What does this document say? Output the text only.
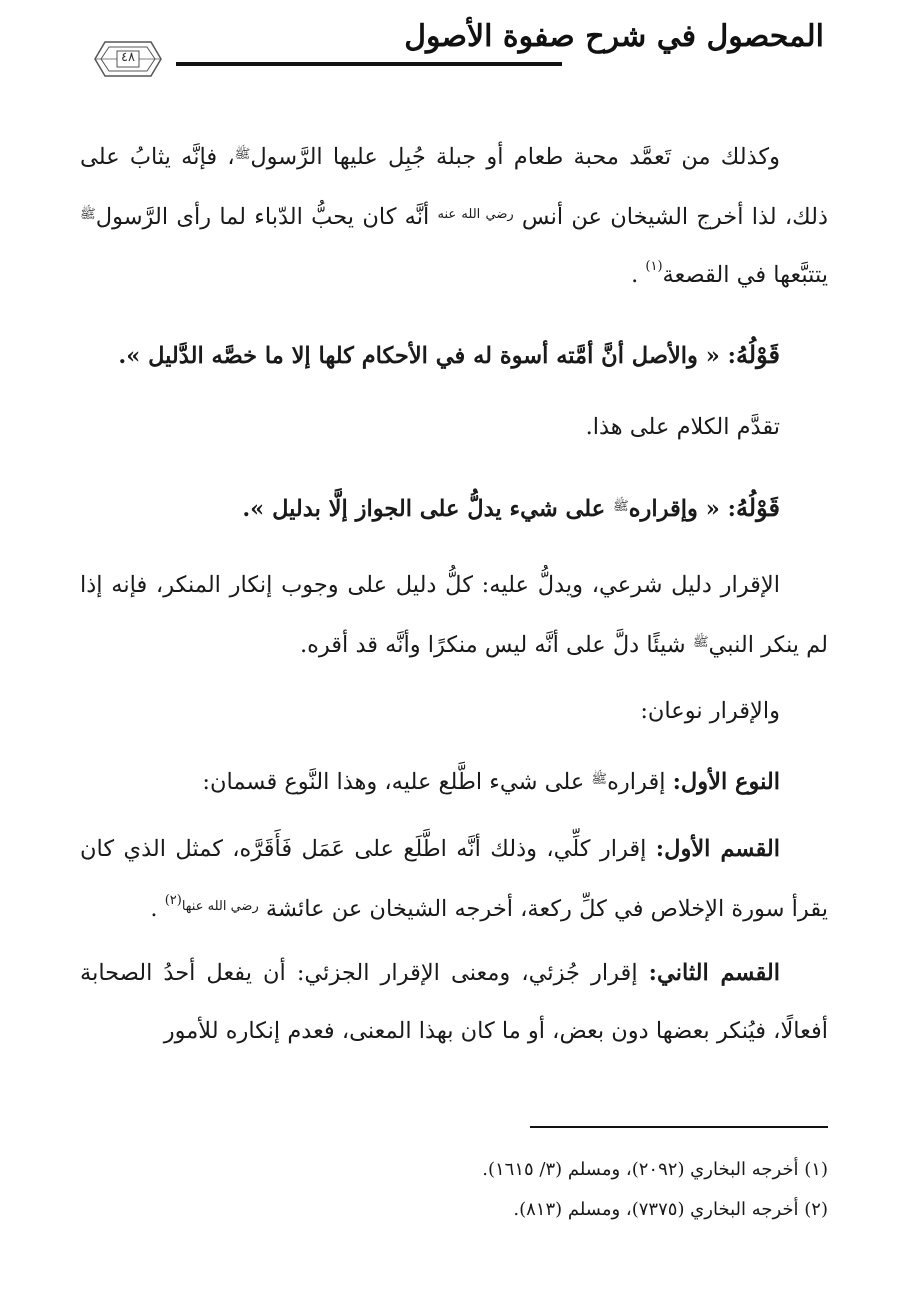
المحصول في شرح صفوة الأصول
٤٨

وكذلك من تَعمَّد محبة طعام أو جبلة جُبِل عليها الرَّسول$^ﷺ$، فإنَّه يثابُ على ذلك، لذا أخرج الشيخان عن أنس $^{رضي الله عنه}$ أنَّه كان يحبُّ الدّباء لما رأى الرَّسول$^ﷺ$ يتتبَّعها في القصعة$^{(١)}$ .

قَوْلُهُ: « والأصل أنَّ أمَّته أسوة له في الأحكام كلها إلا ما خصَّه الدَّليل ».

تقدَّم الكلام على هذا.

قَوْلُهُ: « وإقراره$^ﷺ$ على شيء يدلُّ على الجواز إلَّا بدليل ».

الإقرار دليل شرعي، ويدلُّ عليه: كلُّ دليل على وجوب إنكار المنكر، فإنه إذا لم ينكر النبي$^ﷺ$ شيئًا دلَّ على أنَّه ليس منكرًا وأنَّه قد أقره.

والإقرار نوعان:

النوع الأول: إقراره$^ﷺ$ على شيء اطَّلع عليه، وهذا النَّوع قسمان:

القسم الأول: إقرار كلِّي، وذلك أنَّه اطَّلَع على عَمَل فَأَقَرَّه، كمثل الذي كان يقرأ سورة الإخلاص في كلِّ ركعة، أخرجه الشيخان عن عائشة $^{رضي الله عنها(٢)}$ .

القسم الثاني: إقرار جُزئي، ومعنى الإقرار الجزئي: أن يفعل أحدُ الصحابة أفعالًا، فيُنكر بعضها دون بعض، أو ما كان بهذا المعنى، فعدم إنكاره للأمور

(١) أخرجه البخاري (٢٠٩٢)، ومسلم (٣/ ١٦١٥).

(٢) أخرجه البخاري (٧٣٧٥)، ومسلم (٨١٣).
